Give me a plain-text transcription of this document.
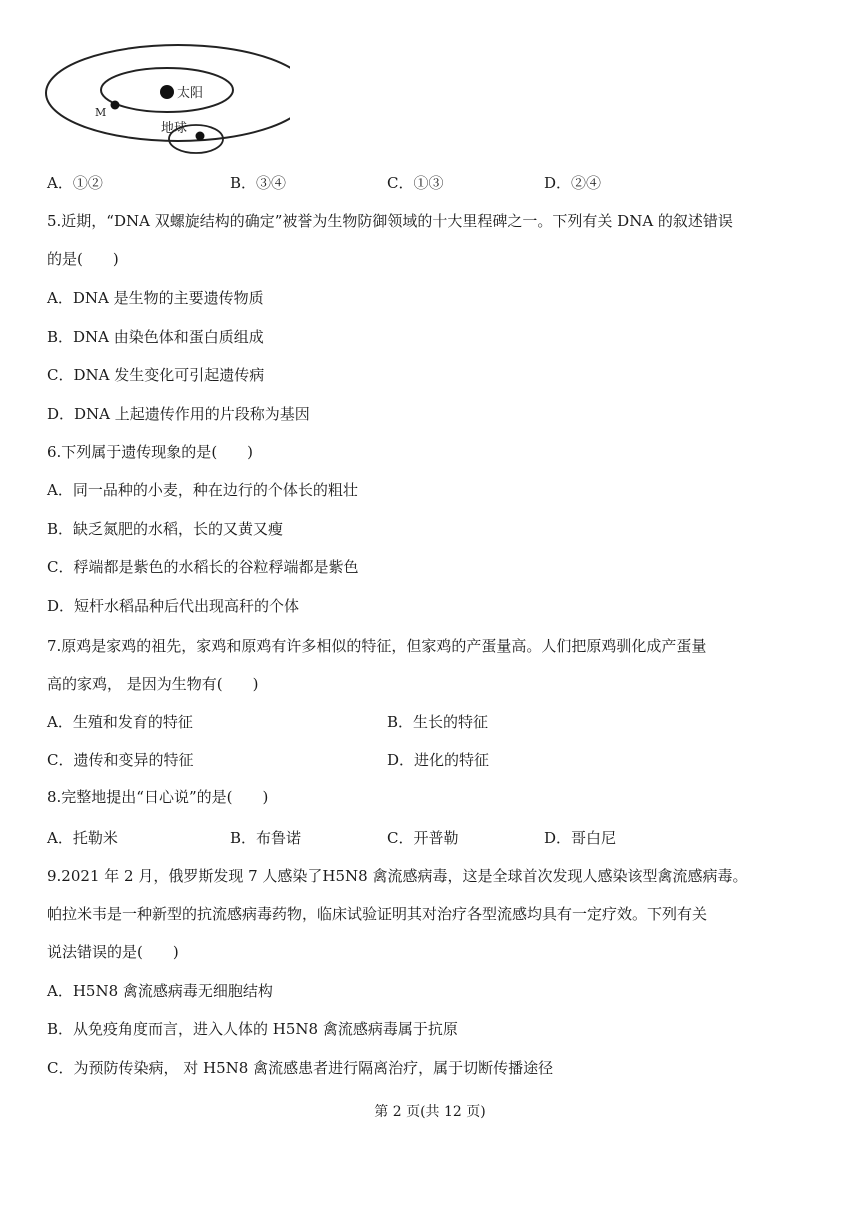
太阳
M
地球
A．①②	B．③④	C．①③	D．②④
5.近期，“DNA 双螺旋结构的确定”被誉为生物防御领域的十大里程碑之一。下列有关 DNA 的叙述错误
的是(　　)
A．DNA 是生物的主要遗传物质
B．DNA 由染色体和蛋白质组成
C．DNA 发生变化可引起遗传病
D．DNA 上起遗传作用的片段称为基因
6.下列属于遗传现象的是(　　)
A．同一品种的小麦，种在边行的个体长的粗壮
B．缺乏氮肥的水稻，长的又黄又瘦
C．稃端都是紫色的水稻长的谷粒稃端都是紫色
D．短杆水稻品种后代出现高秆的个体
7.原鸡是家鸡的祖先，家鸡和原鸡有许多相似的特征，但家鸡的产蛋量高。人们把原鸡驯化成产蛋量
高的家鸡， 是因为生物有(　　)
A．生殖和发育的特征	B．生长的特征
C．遗传和变异的特征	D．进化的特征
8.完整地提出“日心说”的是(　　)
A．托勒米	B．布鲁诺	C．开普勒	D．哥白尼
9.2021 年 2 月，俄罗斯发现 7 人感染了H5N8 禽流感病毒，这是全球首次发现人感染该型禽流感病毒。
帕拉米韦是一种新型的抗流感病毒药物，临床试验证明其对治疗各型流感均具有一定疗效。下列有关
说法错误的是(　　)
A．H5N8 禽流感病毒无细胞结构
B．从免疫角度而言，进入人体的 H5N8 禽流感病毒属于抗原
C．为预防传染病， 对 H5N8 禽流感患者进行隔离治疗，属于切断传播途径
第 2 页(共 12 页)
